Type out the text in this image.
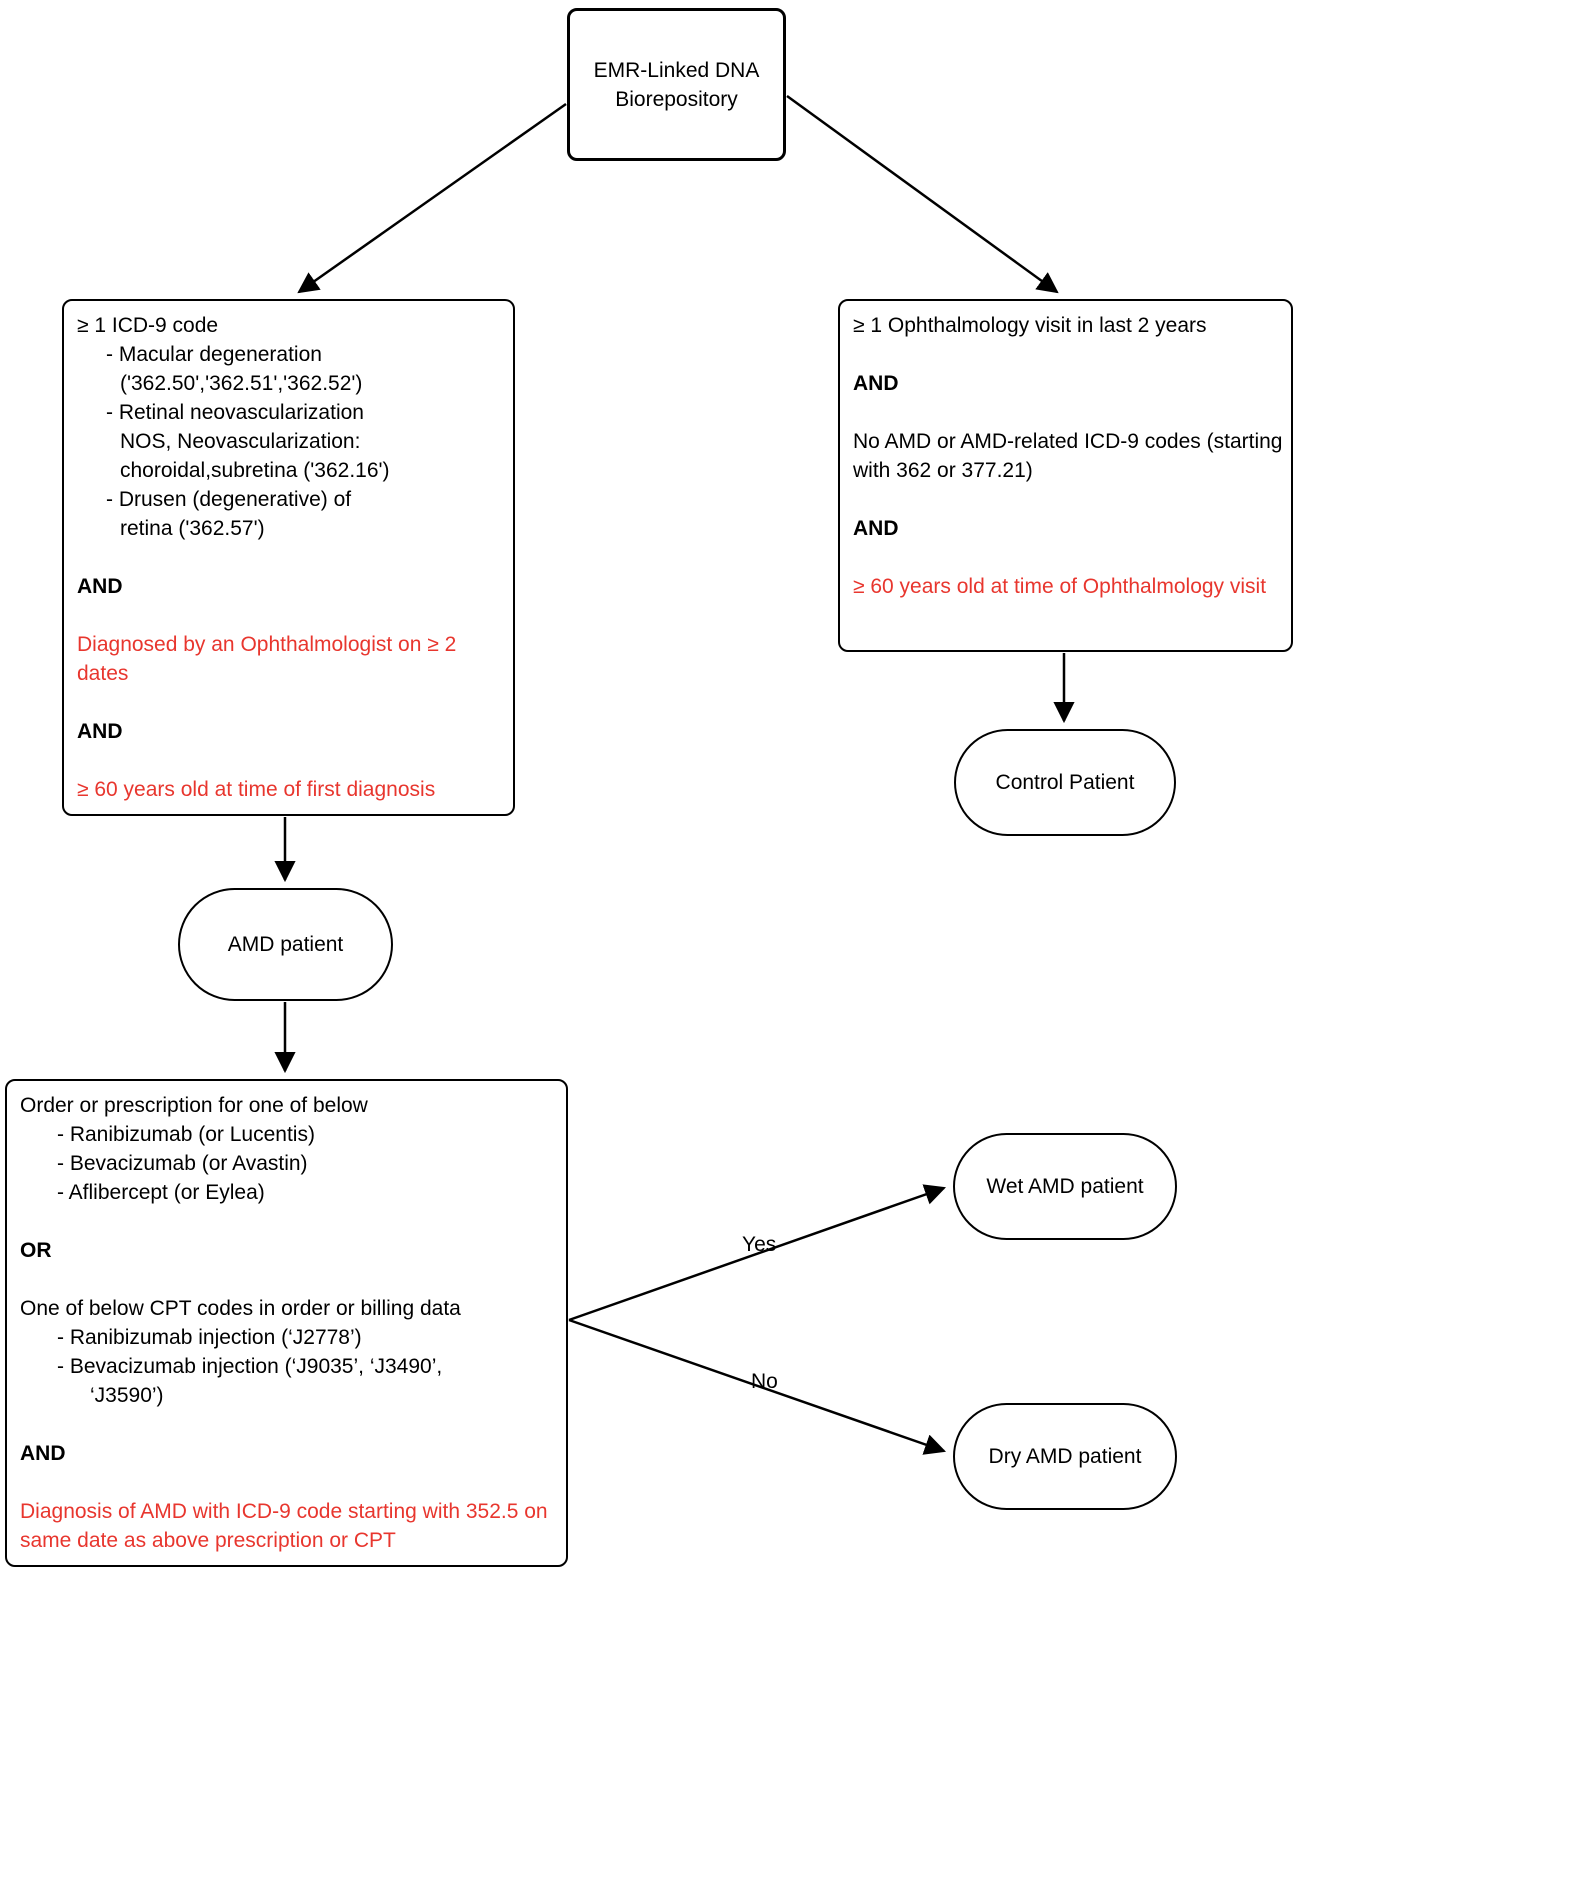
EMR-Linked DNA
Biorepository
≥ 1 ICD-9 code
- Macular degeneration
('362.50','362.51','362.52')
- Retinal neovascularization
NOS, Neovascularization:
choroidal,subretina ('362.16')
- Drusen (degenerative) of
retina ('362.57')
AND
Diagnosed by an Ophthalmologist on ≥ 2 dates
AND
≥ 60 years old at time of first diagnosis
≥ 1 Ophthalmology visit in last 2 years
AND
No AMD or AMD-related ICD-9 codes (starting with 362 or 377.21)
AND
≥ 60 years old at time of Ophthalmology visit
Control Patient
AMD patient
Order or prescription for one of below
- Ranibizumab (or Lucentis)
- Bevacizumab (or Avastin)
- Aflibercept (or Eylea)
OR
One of below CPT codes in order or billing data
- Ranibizumab injection (‘J2778’)
- Bevacizumab injection (‘J9035’, ‘J3490’,
‘J3590’)
AND
Diagnosis of AMD with ICD-9 code starting with 352.5 on same date as above prescription or CPT
Wet AMD patient
Dry AMD patient
Yes
No
